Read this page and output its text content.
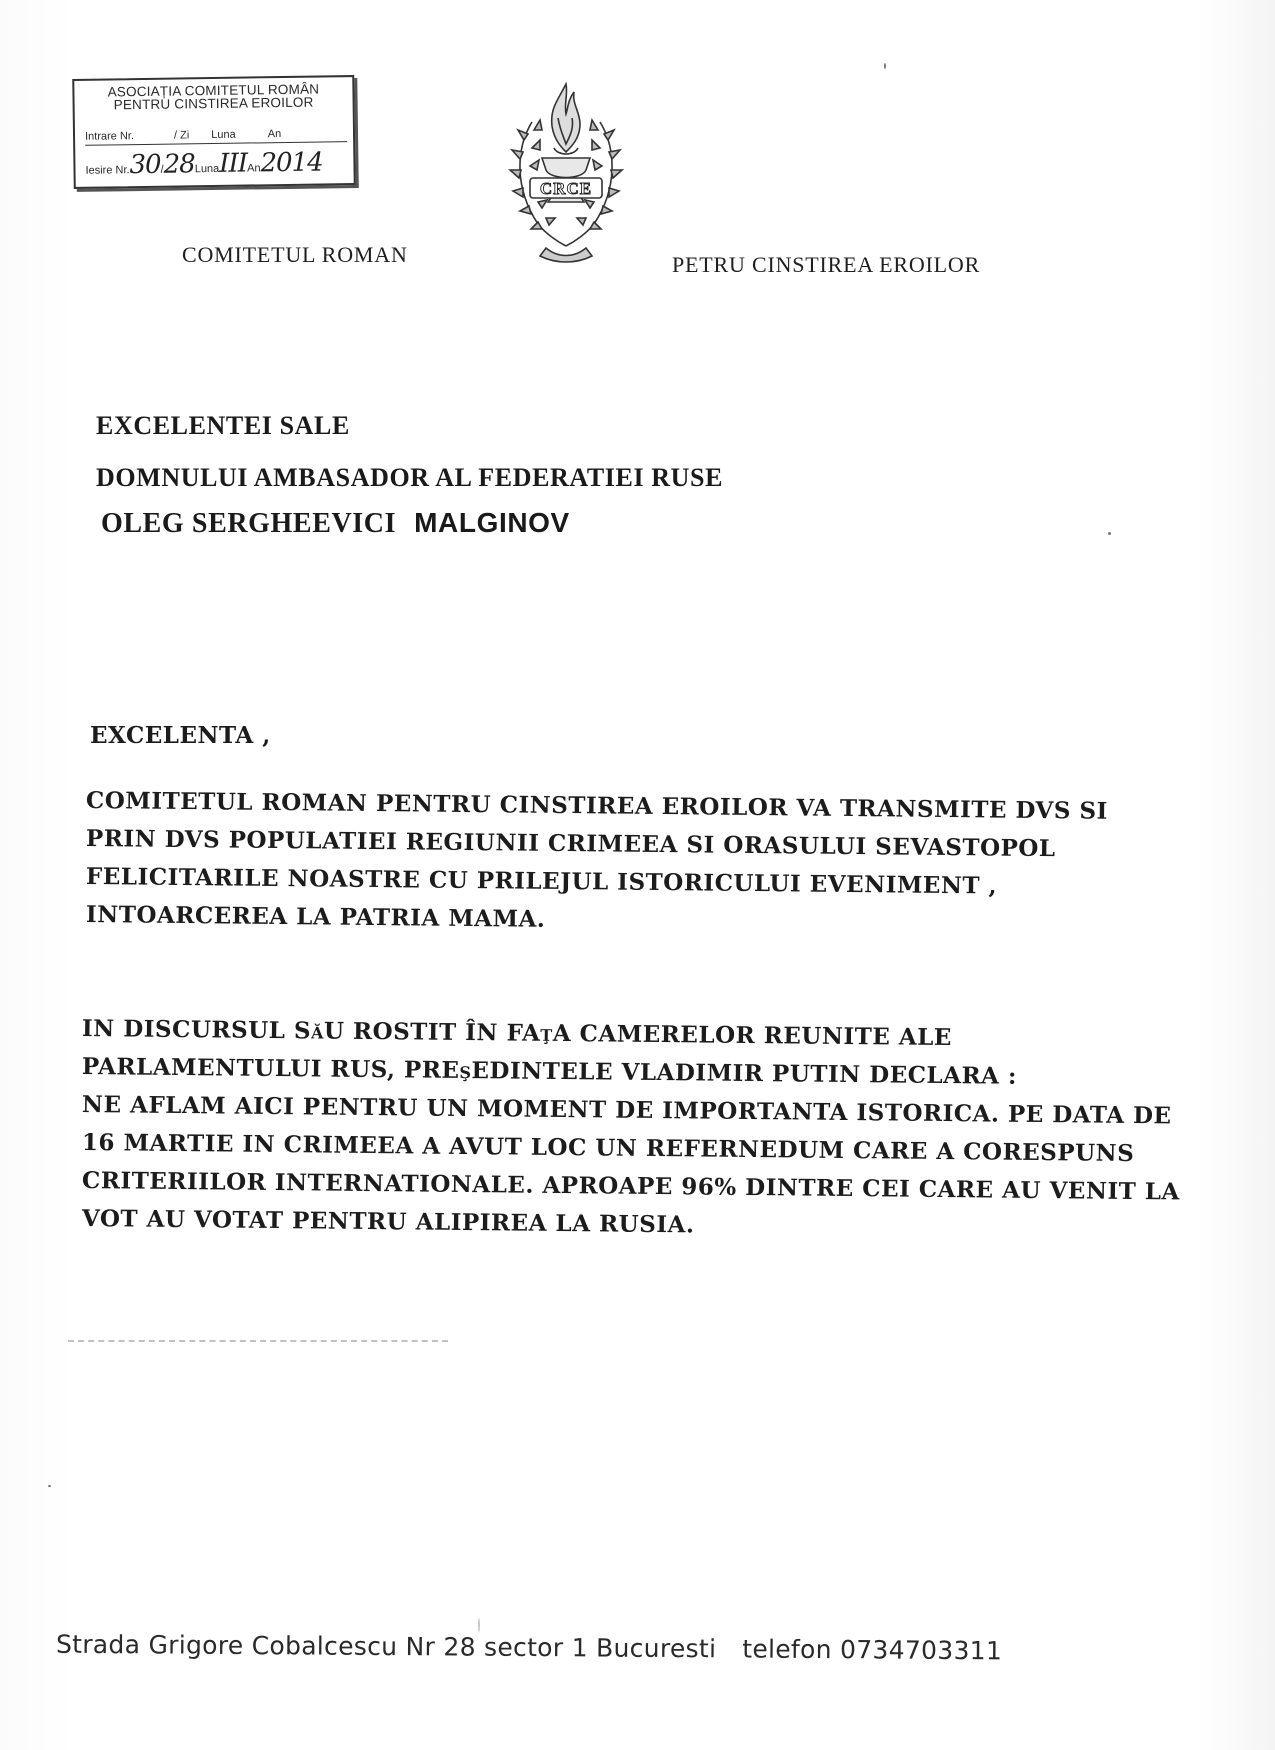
ASOCIAȚIA COMITETUL ROMÂN
PENTRU CINSTIREA EROILOR
Intrare Nr.	/ Zi Luna	An
Iesire Nr. 30 / 28 Luna III An 2014
CRCE
COMITETUL ROMAN	PETRU CINSTIREA EROILOR
EXCELENTEI SALE
DOMNULUI AMBASADOR AL FEDERATIEI RUSE
OLEG SERGHEEVICI MALGINOV
EXCELENTA ,
COMITETUL ROMAN PENTRU CINSTIREA EROILOR VA TRANSMITE DVS SI
PRIN DVS POPULATIEI REGIUNII CRIMEEA SI ORASULUI SEVASTOPOL
FELICITARILE NOASTRE CU PRILEJUL ISTORICULUI EVENIMENT ,
INTOARCEREA LA PATRIA MAMA.
IN DISCURSUL SăU ROSTIT ÎN FAţA CAMERELOR REUNITE ALE
PARLAMENTULUI RUS, PREşEDINTELE VLADIMIR PUTIN DECLARA :
NE AFLAM AICI PENTRU UN MOMENT DE IMPORTANTA ISTORICA. PE DATA DE
16 MARTIE IN CRIMEEA A AVUT LOC UN REFERNEDUM CARE A CORESPUNS
CRITERIILOR INTERNATIONALE. APROAPE 96% DINTRE CEI CARE AU VENIT LA
VOT AU VOTAT PENTRU ALIPIREA LA RUSIA.
Strada Grigore Cobalcescu Nr 28 sector 1 Bucuresti telefon 0734703311
